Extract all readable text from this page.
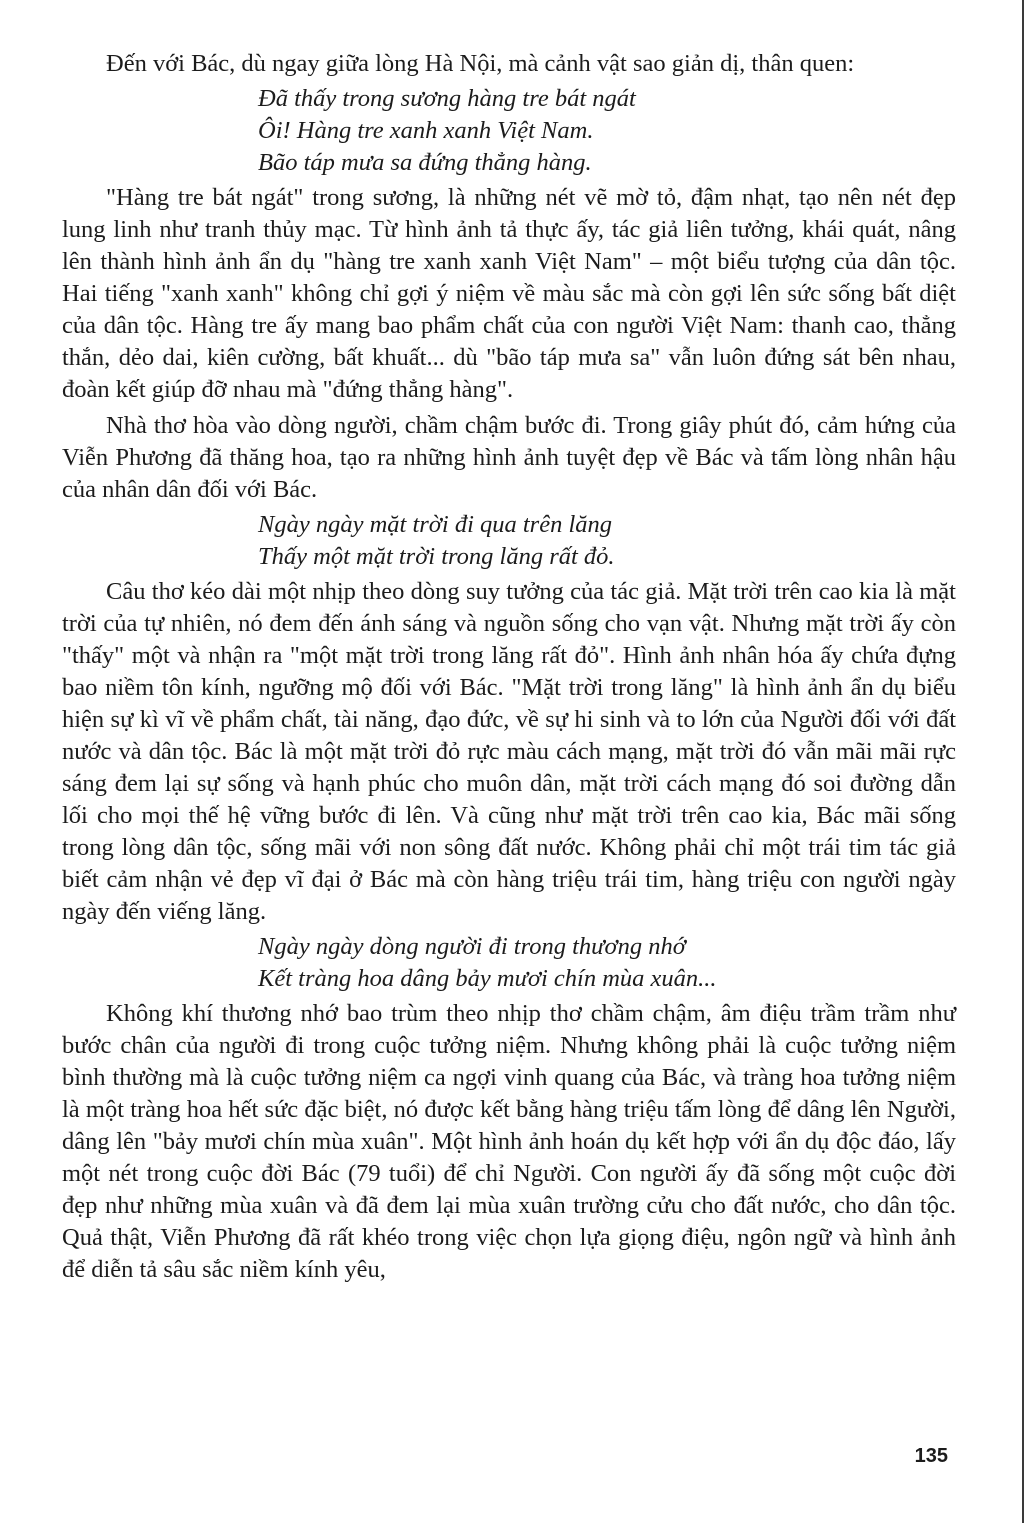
Đến với Bác, dù ngay giữa lòng Hà Nội, mà cảnh vật sao giản dị, thân quen:

Đã thấy trong sương hàng tre bát ngát
Ôi! Hàng tre xanh xanh Việt Nam.
Bão táp mưa sa đứng thẳng hàng.

"Hàng tre bát ngát" trong sương, là những nét vẽ mờ tỏ, đậm nhạt, tạo nên nét đẹp lung linh như tranh thủy mạc. Từ hình ảnh tả thực ấy, tác giả liên tưởng, khái quát, nâng lên thành hình ảnh ẩn dụ "hàng tre xanh xanh Việt Nam" – một biểu tượng của dân tộc. Hai tiếng "xanh xanh" không chỉ gợi ý niệm về màu sắc mà còn gợi lên sức sống bất diệt của dân tộc. Hàng tre ấy mang bao phẩm chất của con người Việt Nam: thanh cao, thẳng thắn, dẻo dai, kiên cường, bất khuất... dù "bão táp mưa sa" vẫn luôn đứng sát bên nhau, đoàn kết giúp đỡ nhau mà "đứng thẳng hàng".

Nhà thơ hòa vào dòng người, chầm chậm bước đi. Trong giây phút đó, cảm hứng của Viễn Phương đã thăng hoa, tạo ra những hình ảnh tuyệt đẹp về Bác và tấm lòng nhân hậu của nhân dân đối với Bác.

Ngày ngày mặt trời đi qua trên lăng
Thấy một mặt trời trong lăng rất đỏ.

Câu thơ kéo dài một nhịp theo dòng suy tưởng của tác giả. Mặt trời trên cao kia là mặt trời của tự nhiên, nó đem đến ánh sáng và nguồn sống cho vạn vật. Nhưng mặt trời ấy còn "thấy" một và nhận ra "một mặt trời trong lăng rất đỏ". Hình ảnh nhân hóa ấy chứa đựng bao niềm tôn kính, ngưỡng mộ đối với Bác. "Mặt trời trong lăng" là hình ảnh ẩn dụ biểu hiện sự kì vĩ về phẩm chất, tài năng, đạo đức, về sự hi sinh và to lớn của Người đối với đất nước và dân tộc. Bác là một mặt trời đỏ rực màu cách mạng, mặt trời đó vẫn mãi mãi rực sáng đem lại sự sống và hạnh phúc cho muôn dân, mặt trời cách mạng đó soi đường dẫn lối cho mọi thế hệ vững bước đi lên. Và cũng như mặt trời trên cao kia, Bác mãi sống trong lòng dân tộc, sống mãi với non sông đất nước. Không phải chỉ một trái tim tác giả biết cảm nhận vẻ đẹp vĩ đại ở Bác mà còn hàng triệu trái tim, hàng triệu con người ngày ngày đến viếng lăng.

Ngày ngày dòng người đi trong thương nhớ
Kết tràng hoa dâng bảy mươi chín mùa xuân...

Không khí thương nhớ bao trùm theo nhịp thơ chầm chậm, âm điệu trầm trầm như bước chân của người đi trong cuộc tưởng niệm. Nhưng không phải là cuộc tưởng niệm bình thường mà là cuộc tưởng niệm ca ngợi vinh quang của Bác, và tràng hoa tưởng niệm là một tràng hoa hết sức đặc biệt, nó được kết bằng hàng triệu tấm lòng để dâng lên Người, dâng lên "bảy mươi chín mùa xuân". Một hình ảnh hoán dụ kết hợp với ẩn dụ độc đáo, lấy một nét trong cuộc đời Bác (79 tuổi) để chỉ Người. Con người ấy đã sống một cuộc đời đẹp như những mùa xuân và đã đem lại mùa xuân trường cửu cho đất nước, cho dân tộc. Quả thật, Viễn Phương đã rất khéo trong việc chọn lựa giọng điệu, ngôn ngữ và hình ảnh để diễn tả sâu sắc niềm kính yêu,

135
